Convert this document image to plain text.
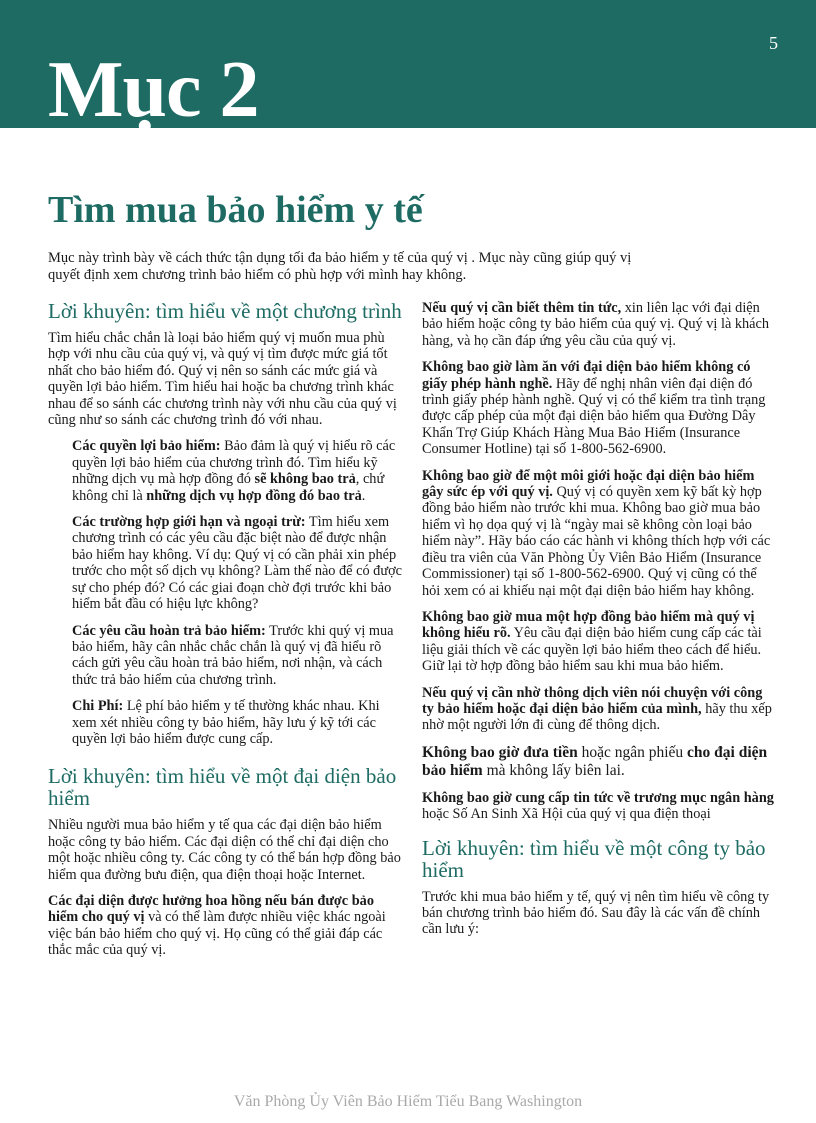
5
Mục 2
Tìm mua bảo hiểm y tế

Mục này trình bày về cách thức tận dụng tối đa bảo hiểm y tế của quý vị . Mục này cũng giúp quý vị quyết định xem chương trình bảo hiểm có phù hợp với mình hay không.

Lời khuyên: tìm hiểu về một chương trình

Tìm hiểu chắc chắn là loại bảo hiểm quý vị muốn mua phù hợp với nhu cầu của quý vị, và quý vị tìm được mức giá tốt nhất cho bảo hiểm đó. Quý vị nên so sánh các mức giá và quyền lợi bảo hiểm. Tìm hiểu hai hoặc ba chương trình khác nhau để so sánh các chương trình này với nhu cầu của quý vị cũng như so sánh các chương trình đó với nhau.

Các quyền lợi bảo hiểm: Bảo đảm là quý vị hiểu rõ các quyền lợi bảo hiểm của chương trình đó. Tìm hiểu kỹ những dịch vụ mà hợp đồng đó sẽ không bao trả, chứ không chỉ là những dịch vụ hợp đồng đó bao trả.

Các trường hợp giới hạn và ngoại trừ: Tìm hiểu xem chương trình có các yêu cầu đặc biệt nào để được nhận bảo hiểm hay không. Ví dụ: Quý vị có cần phải xin phép trước cho một số dịch vụ không? Làm thế nào để có được sự cho phép đó? Có các giai đoạn chờ đợi trước khi bảo hiểm bắt đầu có hiệu lực không?

Các yêu cầu hoàn trả bảo hiểm: Trước khi quý vị mua bảo hiểm, hãy cân nhắc chắc chắn là quý vị đã hiểu rõ cách gửi yêu cầu hoàn trả bảo hiểm, nơi nhận, và cách thức trả bảo hiểm của chương trình.

Chi Phí: Lệ phí bảo hiểm y tế thường khác nhau. Khi xem xét nhiều công ty bảo hiểm, hãy lưu ý kỹ tới các quyền lợi bảo hiểm được cung cấp.

Lời khuyên: tìm hiểu về một đại diện bảo hiểm

Nhiều người mua bảo hiểm y tế qua các đại diện bảo hiểm hoặc công ty bảo hiểm. Các đại diện có thể chỉ đại diện cho một hoặc nhiều công ty. Các công ty có thể bán hợp đồng bảo hiểm qua đường bưu điện, qua điện thoại hoặc Internet.

Các đại diện được hưởng hoa hồng nếu bán được bảo hiểm cho quý vị và có thể làm được nhiều việc khác ngoài việc bán bảo hiểm cho quý vị. Họ cũng có thể giải đáp các thắc mắc của quý vị.

Nếu quý vị cần biết thêm tin tức, xin liên lạc với đại diện bảo hiểm hoặc công ty bảo hiểm của quý vị. Quý vị là khách hàng, và họ cần đáp ứng yêu cầu của quý vị.

Không bao giờ làm ăn với đại diện bảo hiểm không có giấy phép hành nghề. Hãy để nghị nhân viên đại diện đó trình giấy phép hành nghề. Quý vị có thể kiểm tra tình trạng được cấp phép của một đại diện bảo hiểm qua Đường Dây Khẩn Trợ Giúp Khách Hàng Mua Bảo Hiểm (Insurance Consumer Hotline) tại số 1-800-562-6900.

Không bao giờ để một môi giới hoặc đại diện bảo hiểm gây sức ép với quý vị. Quý vị có quyền xem kỹ bất kỳ hợp đồng bảo hiểm nào trước khi mua. Không bao giờ mua bảo hiểm vì họ dọa quý vị là “ngày mai sẽ không còn loại bảo hiểm này”. Hãy báo cáo các hành vi không thích hợp với các điều tra viên của Văn Phòng Ủy Viên Bảo Hiểm (Insurance Commissioner) tại số 1-800-562-6900. Quý vị cũng có thể hỏi xem có ai khiếu nại một đại diện bảo hiểm hay không.

Không bao giờ mua một hợp đồng bảo hiểm mà quý vị không hiểu rõ. Yêu cầu đại diện bảo hiểm cung cấp các tài liệu giải thích về các quyền lợi bảo hiểm theo cách để hiểu. Giữ lại tờ hợp đồng bảo hiểm sau khi mua bảo hiểm.

Nếu quý vị cần nhờ thông dịch viên nói chuyện với công ty bảo hiểm hoặc đại diện bảo hiểm của mình, hãy thu xếp nhờ một người lớn đi cùng để thông dịch.

Không bao giờ đưa tiền hoặc ngân phiếu cho đại diện bảo hiểm mà không lấy biên lai.

Không bao giờ cung cấp tin tức về trương mục ngân hàng hoặc Số An Sinh Xã Hội của quý vị qua điện thoại

Lời khuyên: tìm hiểu về một công ty bảo hiểm

Trước khi mua bảo hiểm y tế, quý vị nên tìm hiểu về công ty bán chương trình bảo hiểm đó. Sau đây là các vấn đề chính cần lưu ý:

Văn Phòng Ủy Viên Bảo Hiểm Tiểu Bang Washington
